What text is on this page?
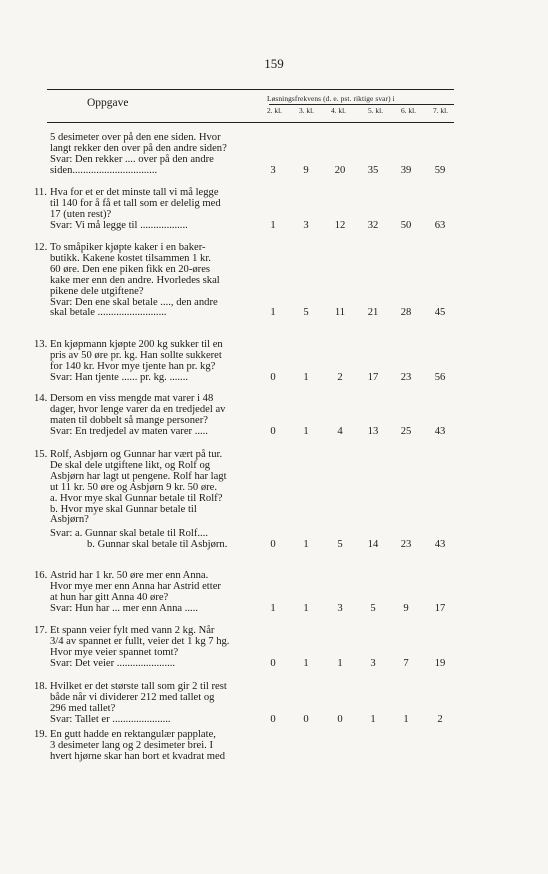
159
Oppgave	Løsningsfrekvens (d. e. pst. riktige svar) i
2. kl. 3. kl. 4. kl.	5. kl. 6. kl. 7. kl.
5 desimeter over på den ene siden. Hvor
langt rekker den over på den andre siden?
Svar: Den rekker .... over på den andre
siden................................	3	9	20	35	39	59
11. Hva for et er det minste tall vi må legge
til 140 for å få et tall som er delelig med
17 (uten rest)?
Svar: Vi må legge til ..................	1	3	12	32	50	63
12. To småpiker kjøpte kaker i en baker-
butikk. Kakene kostet tilsammen 1 kr.
60 øre. Den ene piken fikk en 20-øres
kake mer enn den andre. Hvorledes skal
pikene dele utgiftene?
Svar: Den ene skal betale ...., den andre
skal betale ..........................	1	5	11	21	28	45
13. En kjøpmann kjøpte 200 kg sukker til en
pris av 50 øre pr. kg. Han sollte sukkeret
for 140 kr. Hvor mye tjente han pr. kg?
Svar: Han tjente ...... pr. kg. .......	0	1	2	17	23	56
14. Dersom en viss mengde mat varer i 48
dager, hvor lenge varer da en tredjedel av
maten til dobbelt så mange personer?
Svar: En tredjedel av maten varer .....	0	1	4	13	25	43
15. Rolf, Asbjørn og Gunnar har vært på tur.
De skal dele utgiftene likt, og Rolf og
Asbjørn har lagt ut pengene. Rolf har lagt
ut 11 kr. 50 øre og Asbjørn 9 kr. 50 øre.
a. Hvor mye skal Gunnar betale til Rolf?
b. Hvor mye skal Gunnar betale til
Asbjørn?
Svar: a. Gunnar skal betale til Rolf....
b. Gunnar skal betale til Asbjørn.	0	1	5	14	23	43
16. Astrid har 1 kr. 50 øre mer enn Anna.
Hvor mye mer enn Anna har Astrid etter
at hun har gitt Anna 40 øre?
Svar: Hun har ... mer enn Anna .....	1	1	3	5	9	17
17. Et spann veier fylt med vann 2 kg. Når
3/4 av spannet er fullt, veier det 1 kg 7 hg.
Hvor mye veier spannet tomt?
Svar: Det veier ......................	0	1	1	3	7	19
18. Hvilket er det største tall som gir 2 til rest
både når vi dividerer 212 med tallet og
296 med tallet?
Svar: Tallet er ......................	0	0	0	1	1	2
19. En gutt hadde en rektangulær papplate,
3 desimeter lang og 2 desimeter brei. I
hvert hjørne skar han bort et kvadrat med
